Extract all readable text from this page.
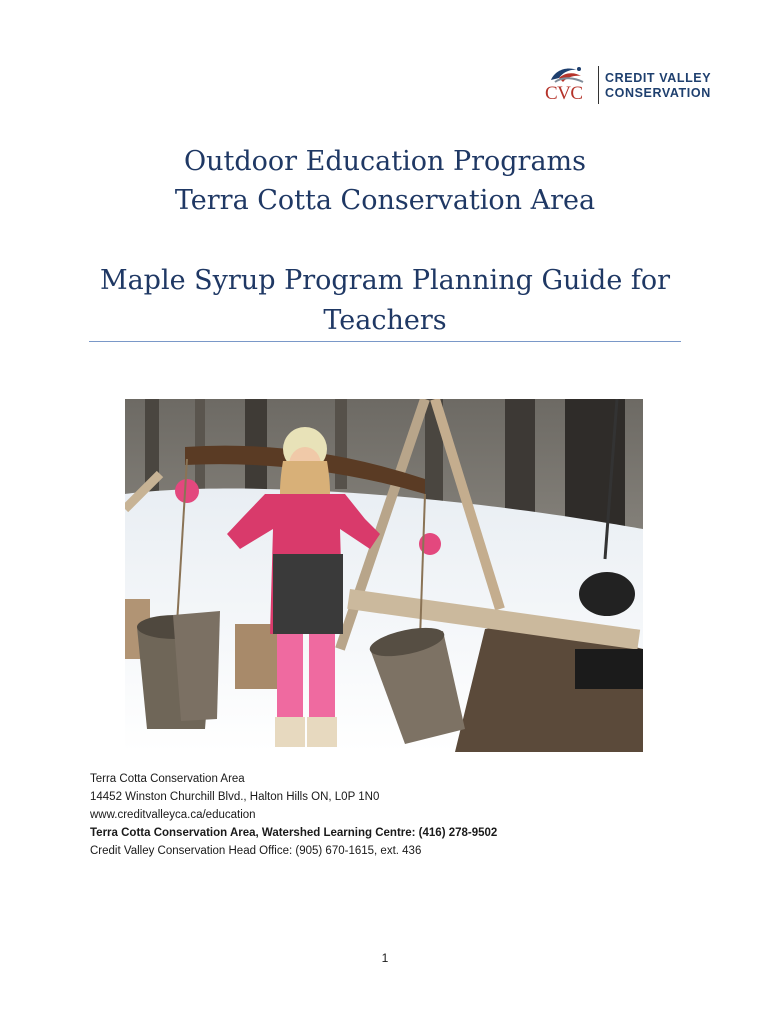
CVC
CREDIT VALLEY
CONSERVATION
Outdoor Education Programs
Terra Cotta Conservation Area
Maple Syrup Program Planning Guide for
Teachers
Terra Cotta Conservation Area
14452 Winston Churchill Blvd., Halton Hills ON, L0P 1N0
www.creditvalleyca.ca/education
Terra Cotta Conservation Area, Watershed Learning Centre: (416) 278-9502
Credit Valley Conservation Head Office: (905) 670-1615, ext. 436
1
